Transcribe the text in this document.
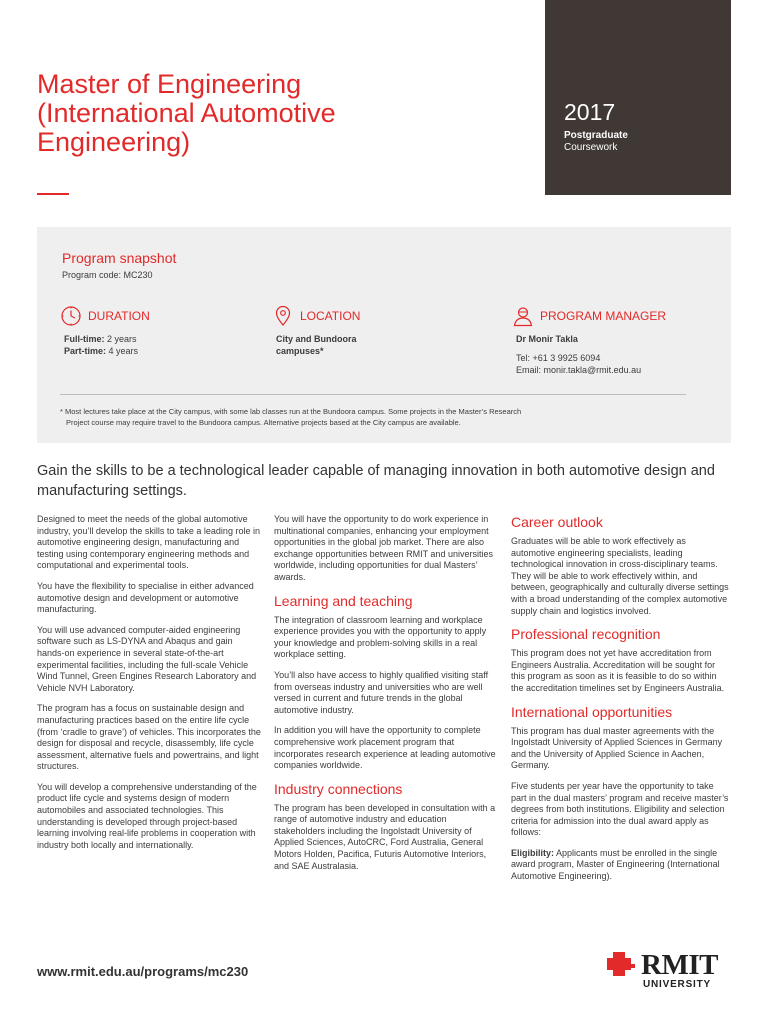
Master of Engineering
(International Automotive
Engineering)
2017
Postgraduate
Coursework
Program snapshot
Program code: MC230
DURATION
Full-time: 2 years
Part-time: 4 years
LOCATION
City and Bundoora
campuses*
PROGRAM MANAGER
Dr Monir Takla
Tel: +61 3 9925 6094
Email: monir.takla@rmit.edu.au
* Most lectures take place at the City campus, with some lab classes run at the Bundoora campus. Some projects in the Master’s Research
Project course may require travel to the Bundoora campus. Alternative projects based at the City campus are available.

Gain the skills to be a technological leader capable of managing innovation in both automotive design and manufacturing settings.

Designed to meet the needs of the global automotive industry, you’ll develop the skills to take a leading role in automotive engineering design, manufacturing and testing using contemporary engineering methods and computational and experimental tools.

You have the flexibility to specialise in either advanced automotive design and development or automotive manufacturing.

You will use advanced computer-aided engineering software such as LS-DYNA and Abaqus and gain hands-on experience in several state-of-the-art experimental facilities, including the full-scale Vehicle Wind Tunnel, Green Engines Research Laboratory and Vehicle NVH Laboratory.

The program has a focus on sustainable design and manufacturing practices based on the entire life cycle (from ‘cradle to grave’) of vehicles. This incorporates the design for disposal and recycle, disassembly, life cycle assessment, alternative fuels and powertrains, and light structures.

You will develop a comprehensive understanding of the product life cycle and systems design of modern automobiles and associated technologies. This understanding is developed through project-based learning involving real-life problems in cooperation with industry both locally and internationally.

You will have the opportunity to do work experience in multinational companies, enhancing your employment opportunities in the global job market. There are also exchange opportunities between RMIT and universities worldwide, including opportunities for dual Masters’ awards.

Learning and teaching

The integration of classroom learning and workplace experience provides you with the opportunity to apply your knowledge and problem-solving skills in a real workplace setting.

You’ll also have access to highly qualified visiting staff from overseas industry and universities who are well versed in current and future trends in the global automotive industry.

In addition you will have the opportunity to complete comprehensive work placement program that incorporates research experience at leading automotive companies worldwide.

Industry connections

The program has been developed in consultation with a range of automotive industry and education stakeholders including the Ingolstadt University of Applied Sciences, AutoCRC, Ford Australia, General Motors Holden, Pacifica, Futuris Automotive Interiors, and SAE Australasia.

Career outlook

Graduates will be able to work effectively as automotive engineering specialists, leading technological innovation in cross-disciplinary teams. They will be able to work effectively within, and between, geographically and culturally diverse settings with a broad understanding of the complex automotive supply chain and logistics involved.

Professional recognition

This program does not yet have accreditation from Engineers Australia. Accreditation will be sought for this program as soon as it is feasible to do so within the accreditation timelines set by Engineers Australia.

International opportunities

This program has dual master agreements with the Ingolstadt University of Applied Sciences in Germany and the University of Applied Science in Aachen, Germany.

Five students per year have the opportunity to take part in the dual masters’ program and receive master’s degrees from both institutions. Eligibility and selection criteria for admission into the dual award apply as follows:

Eligibility: Applicants must be enrolled in the single award program, Master of Engineering (International Automotive Engineering).

www.rmit.edu.au/programs/mc230	RMIT
UNIVERSITY
